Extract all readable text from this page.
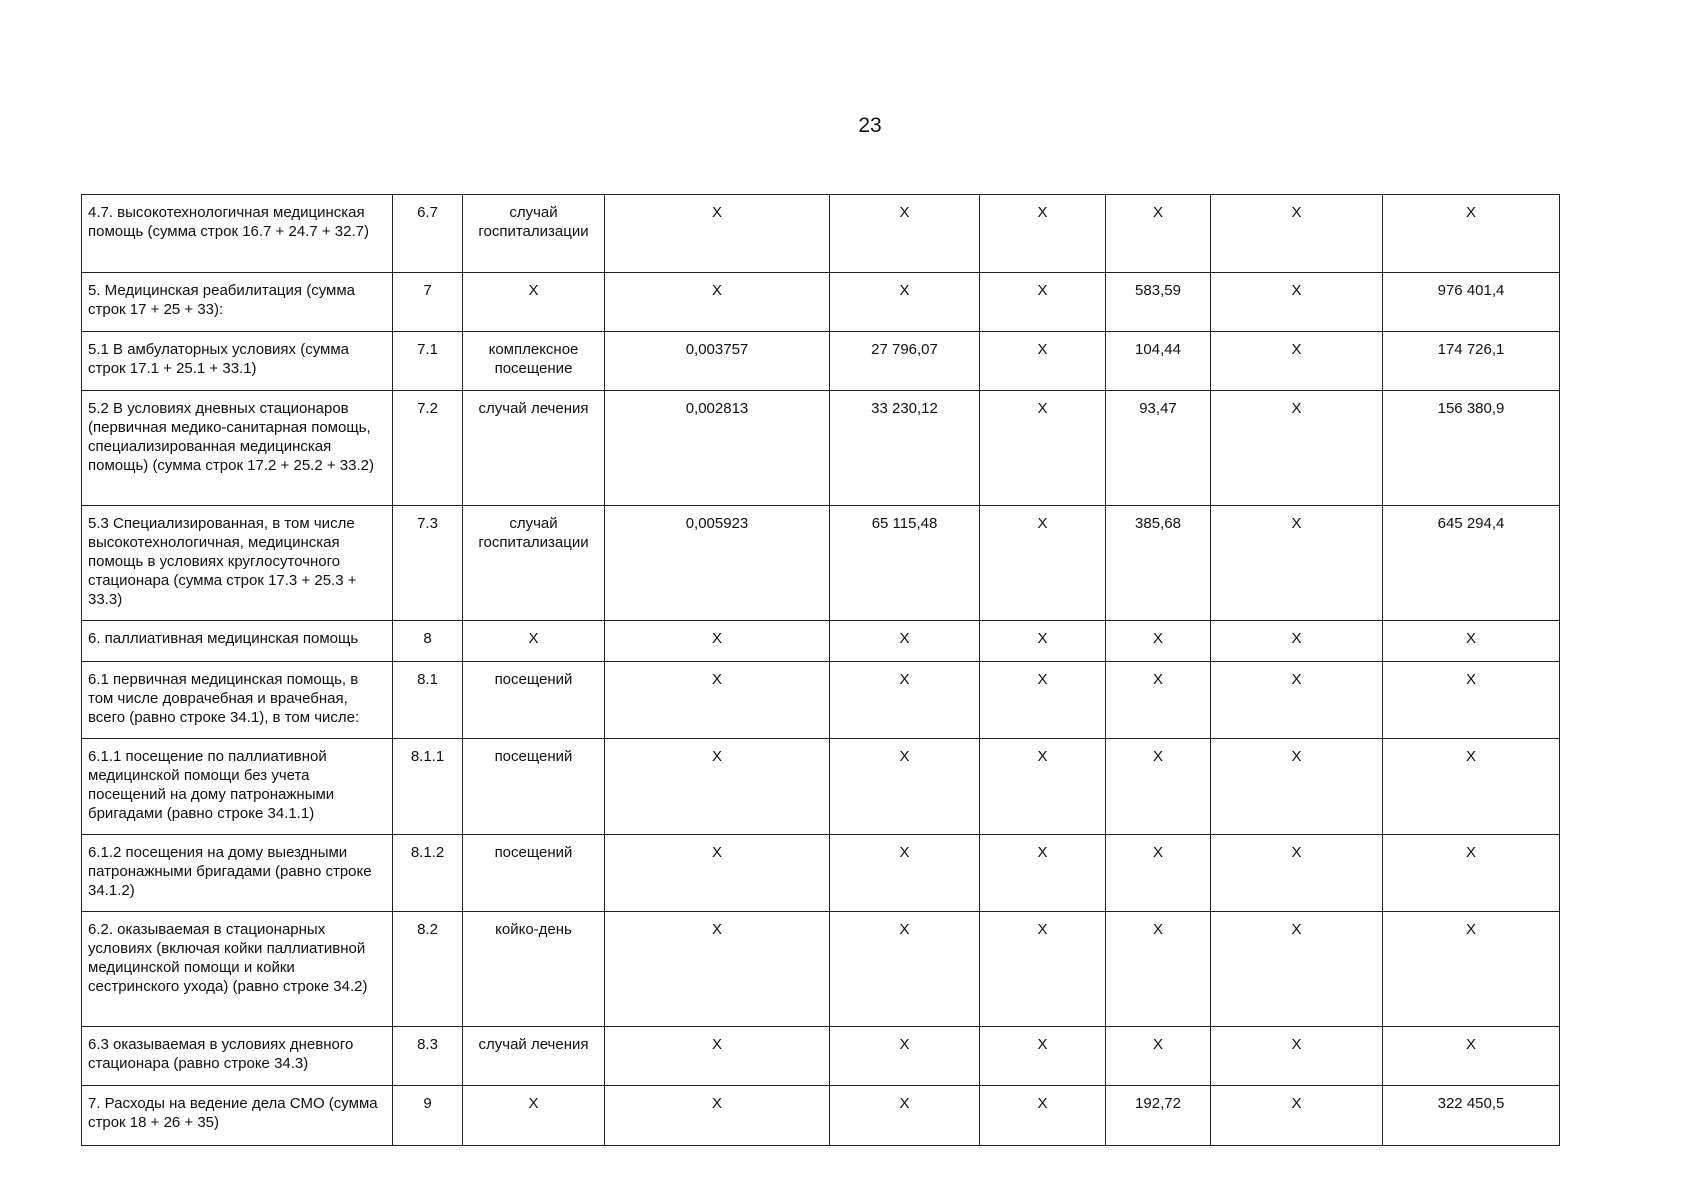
23
4.7. высокотехнологичная медицинская помощь (сумма строк 16.7 + 24.7 + 32.7)	6.7	случай госпитализации	X	X	X	X	X	X
5. Медицинская реабилитация (сумма строк 17 + 25 + 33):	7	X	X	X	X	583,59	X	976 401,4
5.1 В амбулаторных условиях (сумма строк 17.1 + 25.1 + 33.1)	7.1	комплексное посещение	0,003757	27 796,07	X	104,44	X	174 726,1
5.2 В условиях дневных стационаров (первичная медико-санитарная помощь, специализированная медицинская помощь) (сумма строк 17.2 + 25.2 + 33.2)	7.2	случай лечения	0,002813	33 230,12	X	93,47	X	156 380,9
5.3 Специализированная, в том числе высокотехнологичная, медицинская помощь в условиях круглосуточного стационара (сумма строк 17.3 + 25.3 + 33.3)	7.3	случай госпитализации	0,005923	65 115,48	X	385,68	X	645 294,4
6. паллиативная медицинская помощь	8	X	X	X	X	X	X	X
6.1 первичная медицинская помощь, в том числе доврачебная и врачебная, всего (равно строке 34.1), в том числе:	8.1	посещений	X	X	X	X	X	X
6.1.1 посещение по паллиативной медицинской помощи без учета посещений на дому патронажными бригадами (равно строке 34.1.1)	8.1.1	посещений	X	X	X	X	X	X
6.1.2 посещения на дому выездными патронажными бригадами (равно строке 34.1.2)	8.1.2	посещений	X	X	X	X	X	X
6.2. оказываемая в стационарных условиях (включая койки паллиативной медицинской помощи и койки сестринского ухода) (равно строке 34.2)	8.2	койко-день	X	X	X	X	X	X
6.3 оказываемая в условиях дневного стационара (равно строке 34.3)	8.3	случай лечения	X	X	X	X	X	X
7. Расходы на ведение дела СМО (сумма строк 18 + 26 + 35)	9	X	X	X	X	192,72	X	322 450,5
